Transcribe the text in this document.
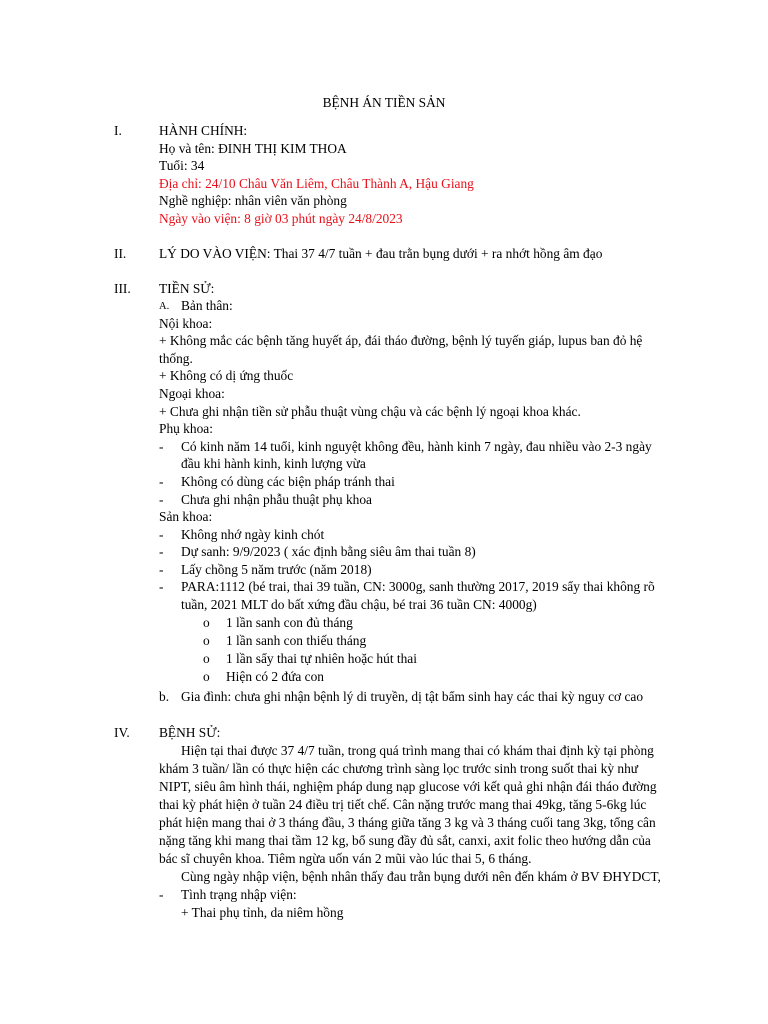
BỆNH ÁN TIỀN SẢN
I.	HÀNH CHÍNH:
Họ và tên: ĐINH THỊ KIM THOA
Tuổi: 34
Địa chỉ: 24/10 Châu Văn Liêm, Châu Thành A, Hậu Giang
Nghề nghiệp: nhân viên văn phòng
Ngày vào viện: 8 giờ 03 phút ngày 24/8/2023
II. LÝ DO VÀO VIỆN: Thai 37 4/7 tuần + đau trằn bụng dưới + ra nhớt hồng âm đạo
III. TIỀN SỬ:
A. Bản thân:
Nội khoa:
+ Không mắc các bệnh tăng huyết áp, đái tháo đường, bệnh lý tuyến giáp, lupus ban đỏ hệ
thống.
+ Không có dị ứng thuốc
Ngoại khoa:
+ Chưa ghi nhận tiền sử phẫu thuật vùng chậu và các bệnh lý ngoại khoa khác.
Phụ khoa:
- Có kinh năm 14 tuổi, kinh nguyệt không đều, hành kinh 7 ngày, đau nhiều vào 2-3 ngày
đầu khi hành kinh, kinh lượng vừa
- Không có dùng các biện pháp tránh thai
- Chưa ghi nhận phẫu thuật phụ khoa
Sản khoa:
- Không nhớ ngày kinh chót
- Dự sanh: 9/9/2023 ( xác định bằng siêu âm thai tuần 8)
- Lấy chồng 5 năm trước (năm 2018)
- PARA:1112 (bé trai, thai 39 tuần, CN: 3000g, sanh thường 2017, 2019 sẩy thai không rõ
tuần, 2021 MLT do bất xứng đầu chậu, bé trai 36 tuần CN: 4000g)
o 1 lần sanh con đủ tháng
o 1 lần sanh con thiếu tháng
o 1 lần sẩy thai tự nhiên hoặc hút thai
o Hiện có 2 đứa con
b. Gia đình: chưa ghi nhận bệnh lý di truyền, dị tật bẩm sinh hay các thai kỳ nguy cơ cao
IV. BỆNH SỬ:
Hiện tại thai được 37 4/7 tuần, trong quá trình mang thai có khám thai định kỳ tại phòng
khám 3 tuần/ lần có thực hiện các chương trình sàng lọc trước sinh trong suốt thai kỳ như
NIPT, siêu âm hình thái, nghiệm pháp dung nạp glucose với kết quả ghi nhận đái tháo đường
thai kỳ phát hiện ở tuần 24 điều trị tiết chế. Cân nặng trước mang thai 49kg, tăng 5-6kg lúc
phát hiện mang thai ở 3 tháng đầu, 3 tháng giữa tăng 3 kg và 3 tháng cuối tang 3kg, tổng cân
nặng tăng khi mang thai tầm 12 kg, bổ sung đầy đủ sắt, canxi, axit folic theo hướng dẫn của
bác sĩ chuyên khoa. Tiêm ngừa uốn ván 2 mũi vào lúc thai 5, 6 tháng.
Cùng ngày nhập viện, bệnh nhân thấy đau trằn bụng dưới nên đến khám ở BV ĐHYDCT,
- Tình trạng nhập viện:
+ Thai phụ tỉnh, da niêm hồng
